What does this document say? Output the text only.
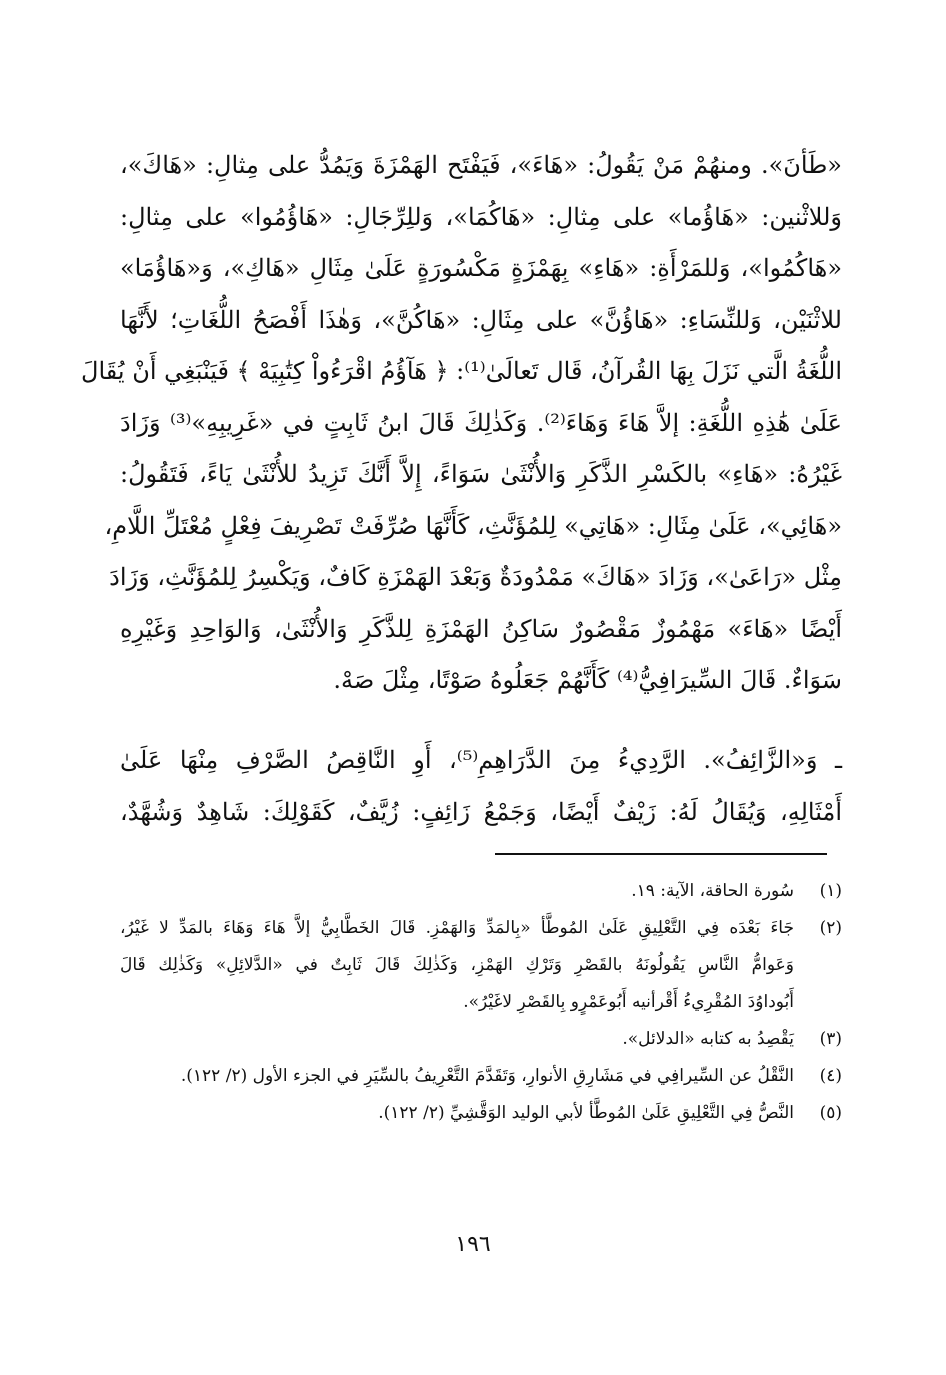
«طَأنَ». ومنهُمْ مَنْ يَقُولُ: «هَاءَ»، فَيَفْتَح الهَمْزَةَ وَيَمُدُّ على مِثالِ: «هَاكَ»،
وَللاثْنين: «هَاؤُما» على مِثالِ: «هَاكُمَا»، وَللِرِّجَالِ: «هَاؤُمُوا» على مِثالِ:
«هَاكُمُوا»، وَللمَرْأَةِ: «هَاءِ» بِهَمْزَةٍ مَكْسُورَةٍ عَلَىٰ مِثَالِ «هَاكِ»، وَ«هَاؤُمَا»
للاثْنَيْن، وَللنِّسَاءِ: «هَاؤُنَّ» على مِثَالِ: «هَاكُنَّ»، وَهٰذَا أَفْصَحُ اللُّغَاتِ؛ لأَنَّهَا
اللُّغَةُ الَّتي نَزَلَ بِهَا القُرآنُ، قَال تَعالَىٰ⁽¹⁾: ﴿ هَآؤُمُ اقْرَءُواْ كِتَٰبِيَهْ ﴾ فَيَنْبَغِي أَنْ يُقَالَ
عَلَىٰ هَٰذِهِ اللُّغَةِ: إلاَّ هَاءَ وَهَاءَ⁽²⁾. وَكَذٰلِكَ قَالَ ابنُ ثَابِتٍ في «غَرِيبِهِ»⁽³⁾ وَزَادَ
غَيْرُهُ: «هَاءِ» بالكَسْرِ الذَّكَرِ وَالأُنْثَىٰ سَوَاءً، إِلاَّ أَنَّكَ تَزِيدُ للأُنْثَىٰ يَاءً، فَتَقُولُ:
«هَائِي»، عَلَىٰ مِثَالِ: «هَاتِي» لِلمُؤَنَّثِ، كَأَنَّهَا صُرِّفَتْ تَصْرِيفَ فِعْلٍ مُعْتَلِّ اللَّامِ،
مِثْل «رَاعَىٰ»، وَزَادَ «هَاكَ» مَمْدُودَةٌ وَبَعْدَ الهَمْزَةِ كَافٌ، وَيَكْسِرُ لِلمُؤَنَّثِ، وَزَادَ
أَيْضًا «هَاءَ» مَهْمُوزٌ مَقْصُورٌ سَاكِنُ الهَمْزَةِ لِلذَّكَرِ وَالأُنْثَىٰ، وَالوَاحِدِ وَغَيْرِهِ
سَوَاءٌ. قَالَ السِّيرَافِيُّ⁽⁴⁾ كَأَنَّهُمْ جَعَلُوهُ صَوْتًا، مِثْلَ صَهْ.
ـ وَ«الزَّائِفُ». الرَّدِيءُ مِنَ الدَّرَاهِمِ⁽⁵⁾، أَوِ النَّاقِصُ الصَّرْفِ مِنْهَا عَلَىٰ
أَمْثَالِهِ، وَيُقَالُ لَهُ: زَيْفٌ أَيْضًا، وَجَمْعُ زَائِفٍ: زُيَّفٌ، كَقَوْلِكَ: شَاهِدٌ وَشُهَّدٌ،
(١)
سُورة الحاقة، الآية: ١٩.
(٢)
جَاءَ بَعْدَه فِي التَّعْلِيقِ عَلَىٰ المُوطَّأ «بِالمَدِّ وَالهَمْزِ. قَالَ الخَطَّابِيُّ إلاَّ هَاءَ وَهَاءَ بالمَدِّ لا غَيْرُ،
وَعَوامُّ النَّاسِ يَقُولُونَهُ بالقَصْرِ وَتَرْكِ الهَمْزِ، وَكَذٰلِكَ قَالَ ثَابِتٌ في «الدَّلائِلِ» وَكَذٰلِك قَالَ
أَبُوداوُدَ المُقْرِيءُ أَقْرأنيه أَبُوعَمْرٍو بِالقَصْرِ لاغَيْرُ».
(٣)
يَقْصِدُ به كتابه «الدلائل».
(٤)
النَّقْلُ عن السِّيرافِي في مَشَارِقِ الأنوارِ، وَتَقَدَّمَ التَّعْرِيفُ بالسِّيَرِ في الجزء الأول (٢/ ١٢٢).
(٥)
النَّصُّ فِي التَّعْلِيقِ عَلَىٰ المُوطَّأ لأبي الوليد الوَقَّشِيِّ (٢/ ١٢٢).
١٩٦
